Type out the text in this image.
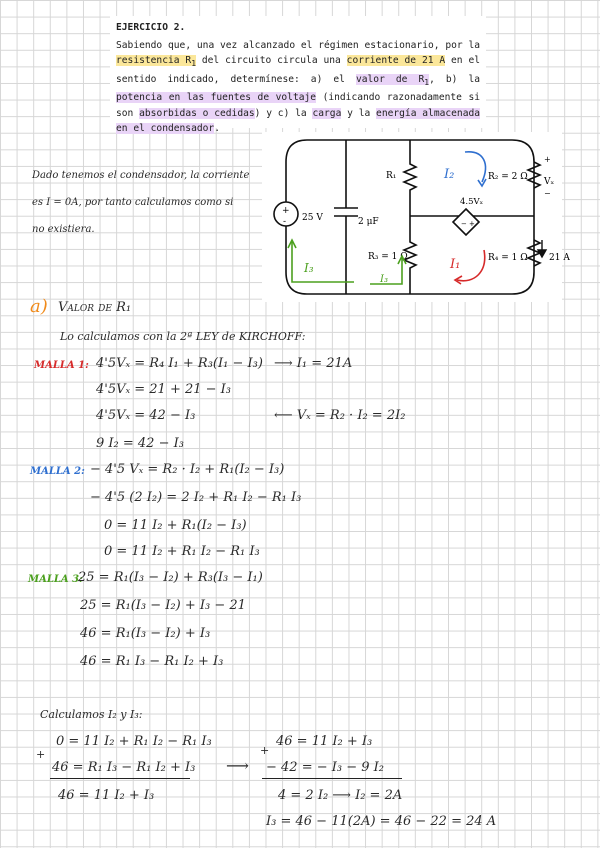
EJERCICIO 2.
Sabiendo que, una vez alcanzado el régimen estacionario, por la resistencia $R_1$ del circuito circula una corriente de 21 A en el sentido indicado, determínese: a) el valor de $R_1$, b) la potencia en las fuentes de voltaje (indicando razonadamente si son absorbidas o cedidas) y c) la carga y la energía almacenada en el condensador.
+
- 25 V	2 μF
R₁	R₂ = 2 Ω
R₃ = 1 Ω	R₄ = 1 Ω
+
Vₓ
−
4.5Vₓ
− +
21 A
I₂
I₁
I₃
I₃
Dado tenemos el condensador, la corriente
es I = 0A, por tanto calculamos como si
no existiera.
a) Valor de R₁
Lo calculamos con la 2ª LEY de KIRCHOFF:
MALLA 1: 4'5Vₓ = R₄ I₁ + R₃(I₁ − I₃)
4'5Vₓ = 21 + 21 − I₃
4'5Vₓ = 42 − I₃
9 I₂ = 42 − I₃
⟶ I₁ = 21A
⟵ Vₓ = R₂ · I₂ = 2I₂
MALLA 2: − 4'5 Vₓ = R₂ · I₂ + R₁(I₂ − I₃)
− 4'5 (2 I₂) = 2 I₂ + R₁ I₂ − R₁ I₃
0 = 11 I₂ + R₁(I₂ − I₃)
0 = 11 I₂ + R₁ I₂ − R₁ I₃
MALLA 3:
25 = R₁(I₃ − I₂) + R₃(I₃ − I₁)
25 = R₁(I₃ − I₂) + I₃ − 21
46 = R₁(I₃ − I₂) + I₃
46 = R₁ I₃ − R₁ I₂ + I₃
Calculamos I₂ y I₃:
0 = 11 I₂ + R₁ I₂ − R₁ I₃
+
46 = R₁ I₃ − R₁ I₂ + I₃
46 = 11 I₂ + I₃
⟶
46 = 11 I₂ + I₃
+
− 42 = − I₃ − 9 I₂
4 = 2 I₂ ⟶ I₂ = 2A
I₃ = 46 − 11(2A) = 46 − 22 = 24 A
